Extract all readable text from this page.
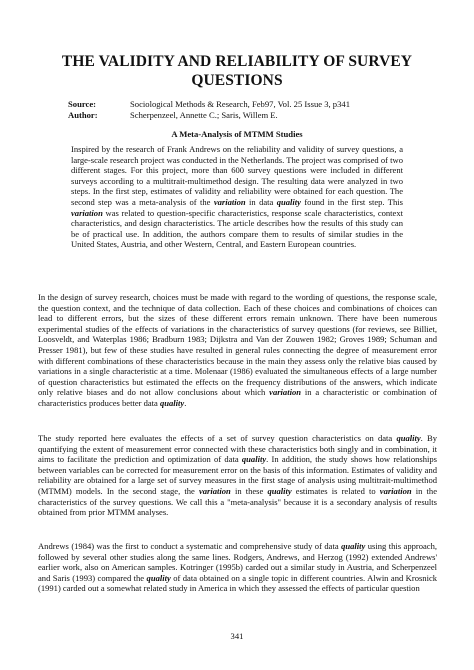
THE VALIDITY AND RELIABILITY OF SURVEY
QUESTIONS
Source:	Sociological Methods & Research, Feb97, Vol. 25 Issue 3, p341
Author:	Scherpenzeel, Annette C.; Saris, Willem E.
A Meta-Analysis of MTMM Studies

Inspired by the research of Frank Andrews on the reliability and validity of survey questions, a large-scale research project was conducted in the Netherlands. The project was comprised of two different stages. For this project, more than 600 survey questions were included in different surveys according to a multitrait-multimethod design. The resulting data were analyzed in two steps. In the first step, estimates of validity and reliability were obtained for each question. The second step was a meta-analysis of the variation in data quality found in the first step. This variation was related to question-specific characteristics, response scale characteristics, context characteristics, and design characteristics. The article describes how the results of this study can be of practical use. In addition, the authors compare them to results of similar studies in the United States, Austria, and other Western, Central, and Eastern European countries.

In the design of survey research, choices must be made with regard to the wording of questions, the response scale, the question context, and the technique of data collection. Each of these choices and combinations of choices can lead to different errors, but the sizes of these different errors remain unknown. There have been numerous experimental studies of the effects of variations in the characteristics of survey questions (for reviews, see Billiet, Loosveldt, and Waterplas 1986; Bradburn 1983; Dijkstra and Van der Zouwen 1982; Groves 1989; Schuman and Presser 1981), but few of these studies have resulted in general rules connecting the degree of measurement error with different combinations of these characteristics because in the main they assess only the relative bias caused by variations in a single characteristic at a time. Molenaar (1986) evaluated the simultaneous effects of a large number of question characteristics but estimated the effects on the frequency distributions of the answers, which indicate only relative biases and do not allow conclusions about which variation in a characteristic or combination of characteristics produces better data quality.

The study reported here evaluates the effects of a set of survey question characteristics on data quality. By quantifying the extent of measurement error connected with these characteristics both singly and in combination, it aims to facilitate the prediction and optimization of data quality. In addition, the study shows how relationships between variables can be corrected for measurement error on the basis of this information. Estimates of validity and reliability are obtained for a large set of survey measures in the first stage of analysis using multitrait-multimethod (MTMM) models. In the second stage, the variation in these quality estimates is related to variation in the characteristics of the survey questions. We call this a "meta-analysis" because it is a secondary analysis of results obtained from prior MTMM analyses.

Andrews (1984) was the first to conduct a systematic and comprehensive study of data quality using this approach, followed by several other studies along the same lines. Rodgers, Andrews, and Herzog (1992) extended Andrews' earlier work, also on American samples. Kotringer (1995b) carded out a similar study in Austria, and Scherpenzeel and Saris (1993) compared the quality of data obtained on a single topic in different countries. Alwin and Krosnick (1991) carded out a somewhat related study in America in which they assessed the effects of particular question

341
